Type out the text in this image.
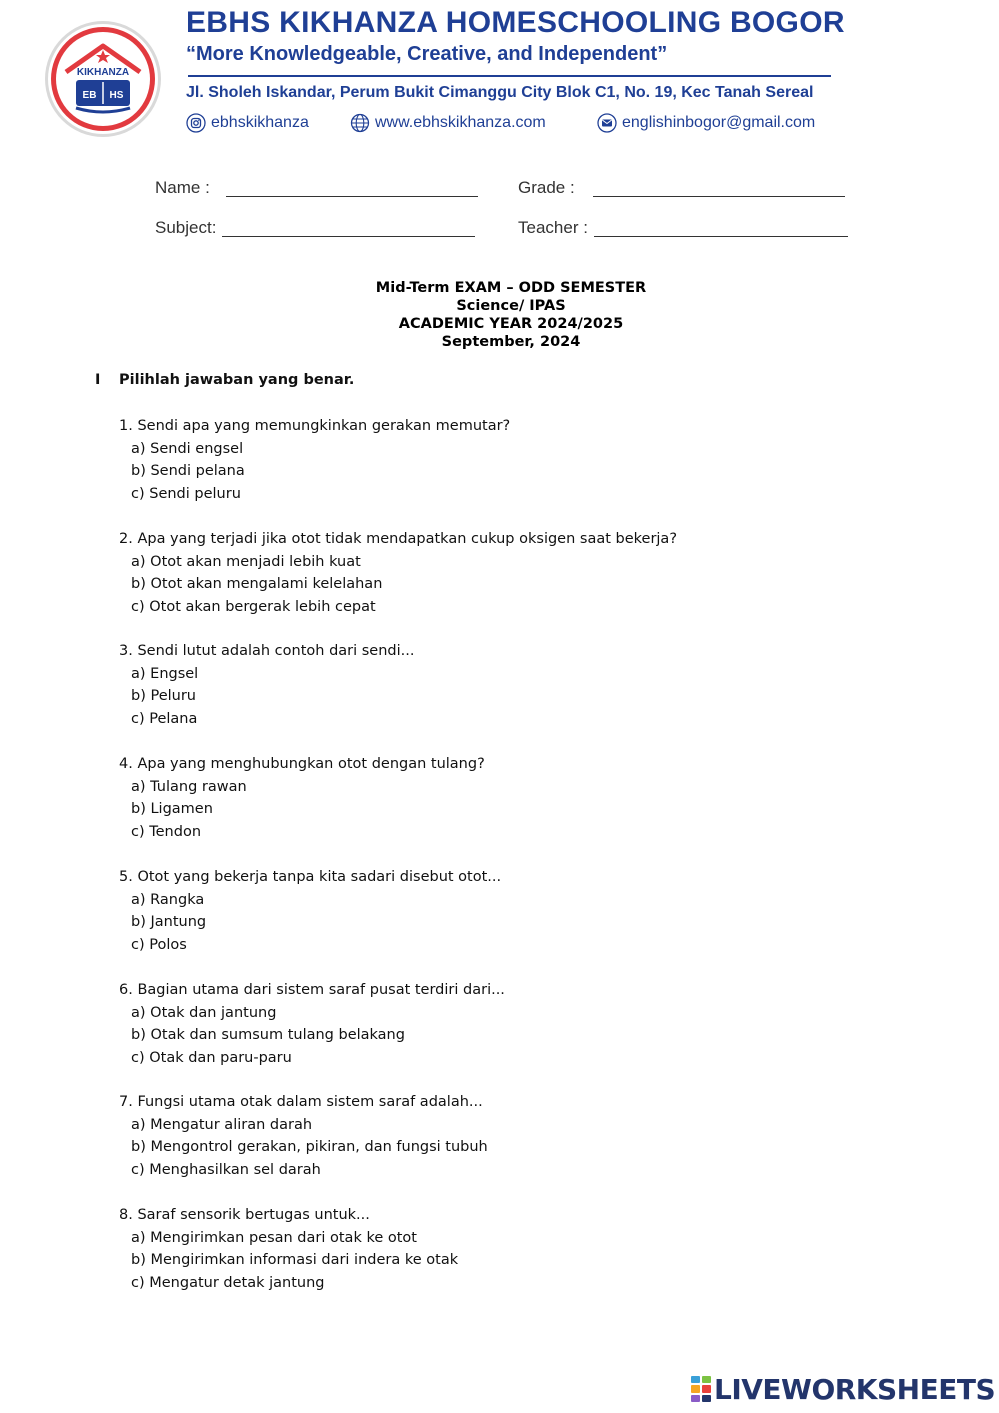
KIKHANZA
EB HS
EBHS KIKHANZA HOMESCHOOLING BOGOR
“More Knowledgeable, Creative, and Independent”
Jl. Sholeh Iskandar, Perum Bukit Cimanggu City Blok C1, No. 19, Kec Tanah Sereal
ebhskikhanza	www.ebhskikhanza.com	englishinbogor@gmail.com
Name :	Grade :
Subject:	Teacher :
Mid-Term EXAM – ODD SEMESTER
Science/ IPAS
ACADEMIC YEAR 2024/2025
September, 2024
I Pilihlah jawaban yang benar.
1. Sendi apa yang memungkinkan gerakan memutar?
a) Sendi engsel
b) Sendi pelana
c) Sendi peluru
2. Apa yang terjadi jika otot tidak mendapatkan cukup oksigen saat bekerja?
a) Otot akan menjadi lebih kuat
b) Otot akan mengalami kelelahan
c) Otot akan bergerak lebih cepat
3. Sendi lutut adalah contoh dari sendi...
a) Engsel
b) Peluru
c) Pelana
4. Apa yang menghubungkan otot dengan tulang?
a) Tulang rawan
b) Ligamen
c) Tendon
5. Otot yang bekerja tanpa kita sadari disebut otot...
a) Rangka
b) Jantung
c) Polos
6. Bagian utama dari sistem saraf pusat terdiri dari...
a) Otak dan jantung
b) Otak dan sumsum tulang belakang
c) Otak dan paru-paru
7. Fungsi utama otak dalam sistem saraf adalah...
a) Mengatur aliran darah
b) Mengontrol gerakan, pikiran, dan fungsi tubuh
c) Menghasilkan sel darah
8. Saraf sensorik bertugas untuk...
a) Mengirimkan pesan dari otak ke otot
b) Mengirimkan informasi dari indera ke otak
c) Mengatur detak jantung
LIVEWORKSHEETS
